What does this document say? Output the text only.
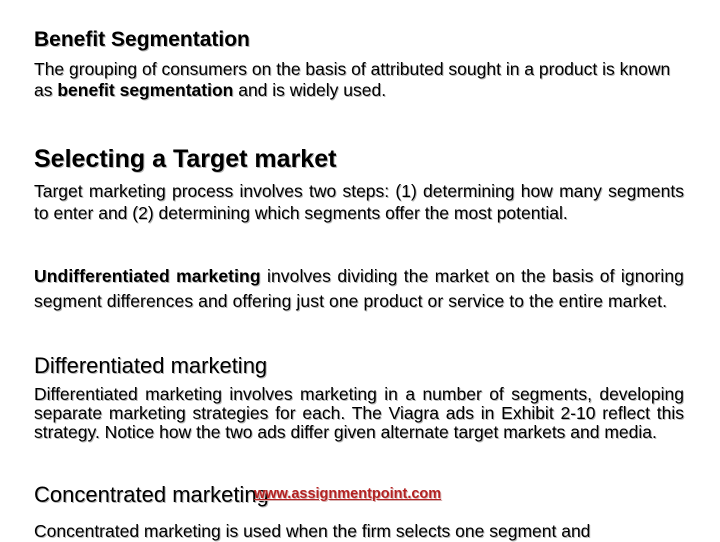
Benefit Segmentation

The grouping of consumers on the basis of attributed sought in a product is known as benefit segmentation and is widely used.

Selecting a Target market

Target marketing process involves two steps: (1) determining how many segments to enter and (2) determining which segments offer the most potential.

Undifferentiated marketing involves dividing the market on the basis of ignoring segment differences and offering just one product or service to the entire market.

Differentiated marketing

Differentiated marketing involves marketing in a number of segments, developing separate marketing strategies for each. The Viagra ads in Exhibit 2-10 reflect this strategy. Notice how the two ads differ given alternate target markets and media.

Concentrated marketing
www.assignmentpoint.com

Concentrated marketing is used when the firm selects one segment and
